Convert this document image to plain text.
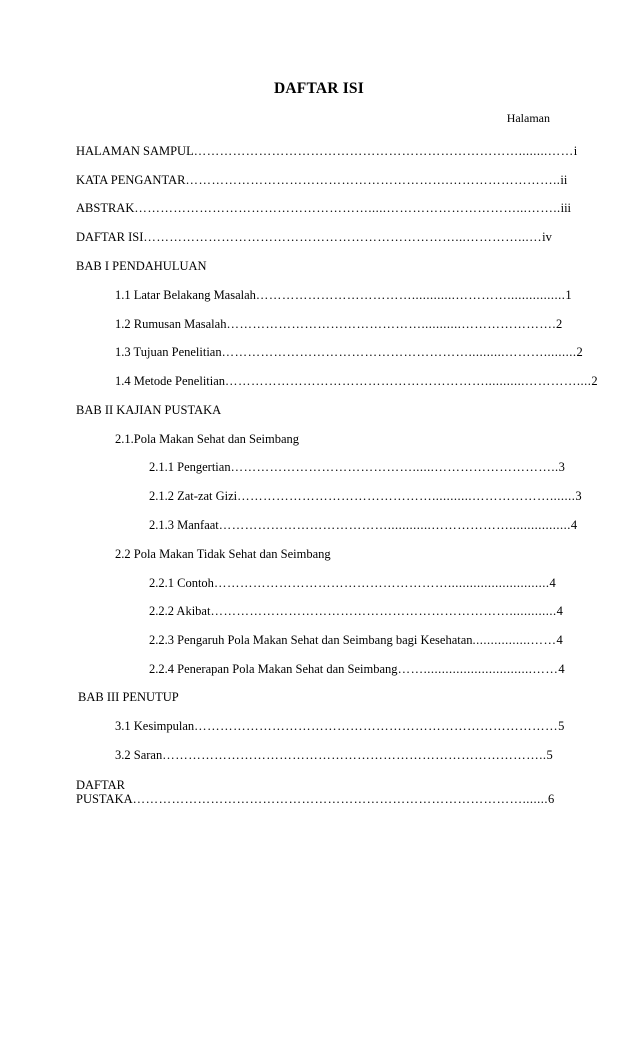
DAFTAR ISI
Halaman
HALAMAN SAMPUL…………………………………………………………………........……i
KATA PENGANTAR…………………………………………………….……………………..ii
ABSTRAK……………………………………………….....…………………………...……..iii
DAFTAR ISI………………………………………………………………...…………...…iv
BAB I PENDAHULUAN
1.1 Latar Belakang Masalah………………………………............…………................1
1.2 Rumusan Masalah………………………………………...........………………….2
1.3 Tujuan Penelitian…………………………………………………..........……….........2
1.4 Metode Penelitian……………………………………………………...........…………....2
BAB II KAJIAN PUSTAKA
2.1.Pola Makan Sehat dan Seimbang
2.1.1 Pengertian……………………………………......………………………..3
2.1.2 Zat-zat Gizi………………………………………...........……………….......3
2.1.3 Manfaat…………………………………............……………….................4
2.2 Pola Makan Tidak Sehat dan Seimbang
2.2.1 Contoh………………………………………………............................4
2.2.2 Akibat…………………………………………………………….............4
2.2.3 Pengaruh Pola Makan Sehat dan Seimbang bagi Kesehatan................……4
2.2.4 Penerapan Pola Makan Sehat dan Seimbang……..............................……4
BAB III PENUTUP
3.1 Kesimpulan…………………………………………………………………………5
3.2 Saran……………………………………………………………………………..5
DAFTAR
PUSTAKA……………………………………………………………………………….......6
